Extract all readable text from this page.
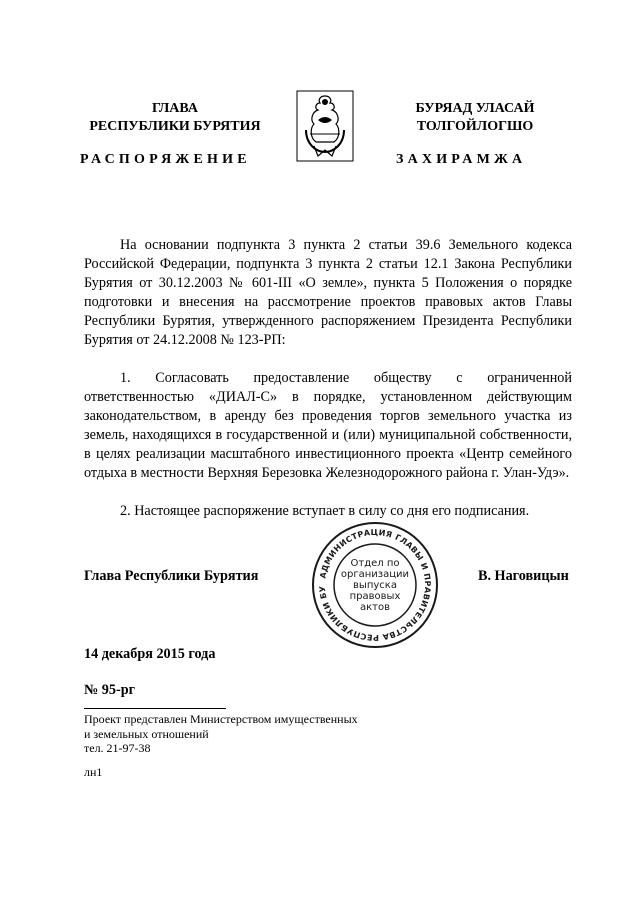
ГЛАВА
РЕСПУБЛИКИ БУРЯТИЯ
БУРЯАД УЛАСАЙ
ТОЛГОЙЛОГШО
РАСПОРЯЖЕНИЕ	ЗАХИРАМЖА

На основании подпункта 3 пункта 2 статьи 39.6 Земельного кодекса Российской Федерации, подпункта 3 пункта 2 статьи 12.1 Закона Республики Бурятия от 30.12.2003 № 601-III «О земле», пункта 5 Положения о порядке подготовки и внесения на рассмотрение проектов правовых актов Главы Республики Бурятия, утвержденного распоряжением Президента Республики Бурятия от 24.12.2008 № 123-РП:

1. Согласовать предоставление обществу с ограниченной ответственностью «ДИАЛ-С» в порядке, установленном действующим законодательством, в аренду без проведения торгов земельного участка из земель, находящихся в государственной и (или) муниципальной собственности, в целях реализации масштабного инвестиционного проекта «Центр семейного отдыха в местности Верхняя Березовка Железнодорожного района г. Улан-Удэ».

2. Настоящее распоряжение вступает в силу со дня его подписания.

Глава Республики Бурятия	В. Наговицын
АДМИНИСТРАЦИЯ ГЛАВЫ И ПРАВИТЕЛЬСТВА РЕСПУБЛИКИ БУ
Отдел по
организации
выпуска
правовых
актов
14 декабря 2015 года
№ 95-рг
Проект представлен Министерством имущественных
и земельных отношений
тел. 21-97-38
лн1
